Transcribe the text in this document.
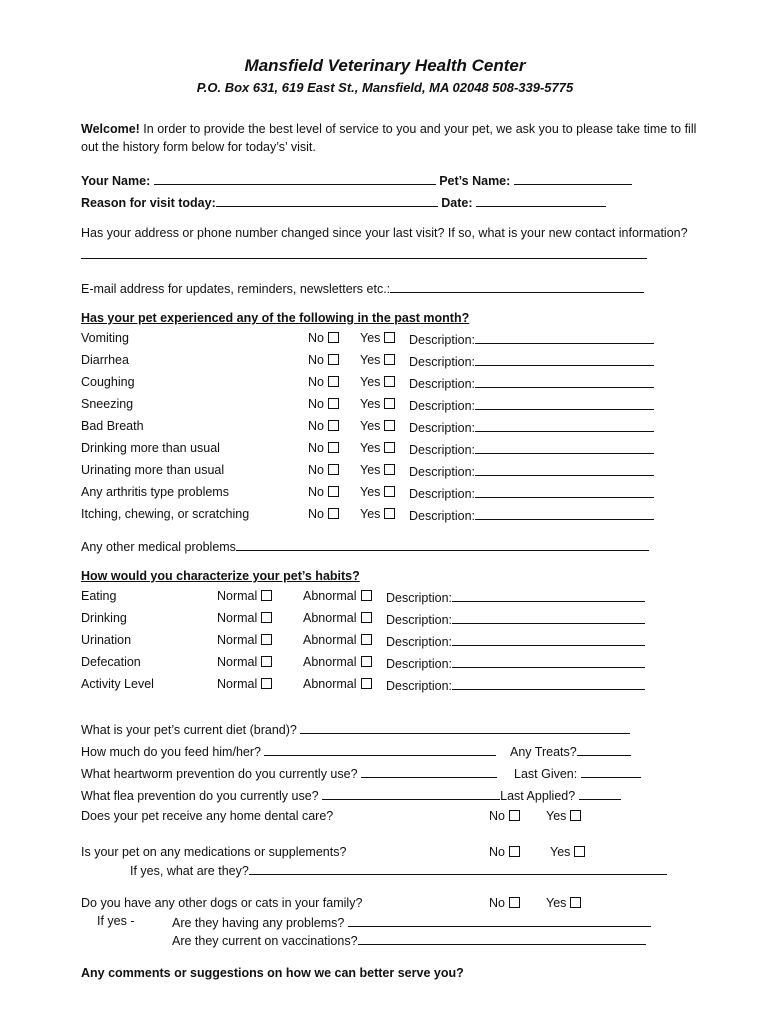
Mansfield Veterinary Health Center
P.O. Box 631, 619 East St., Mansfield, MA 02048 508-339-5775
Welcome! In order to provide the best level of service to you and your pet, we ask you to please take time to fill out the history form below for today’s’ visit.
Your Name:	Pet’s Name:
Reason for visit today:	Date:
Has your address or phone number changed since your last visit? If so, what is your new contact information?
E-mail address for updates, reminders, newsletters etc.:
Has your pet experienced any of the following in the past month?
Vomiting	No	Yes	Description:
Diarrhea	No	Yes	Description:
Coughing	No	Yes	Description:
Sneezing	No	Yes	Description:
Bad Breath	No	Yes	Description:
Drinking more than usual	No	Yes	Description:
Urinating more than usual	No	Yes	Description:
Any arthritis type problems	No	Yes	Description:
Itching, chewing, or scratching	No	Yes	Description:
Any other medical problems
How would you characterize your pet’s habits?
Eating	Normal	Abnormal	Description:
Drinking	Normal	Abnormal	Description:
Urination	Normal	Abnormal	Description:
Defecation	Normal	Abnormal	Description:
Activity Level	Normal	Abnormal	Description:
What is your pet’s current diet (brand)?
How much do you feed him/her?	Any Treats?
What heartworm prevention do you currently use?	Last Given:
What flea prevention do you currently use?	Last Applied?
Does your pet receive any home dental care?	No	Yes
Is your pet on any medications or supplements?	No	Yes
If yes, what are they?
Do you have any other dogs or cats in your family?	No	Yes
If yes -	Are they having any problems?
Are they current on vaccinations?
Any comments or suggestions on how we can better serve you?
